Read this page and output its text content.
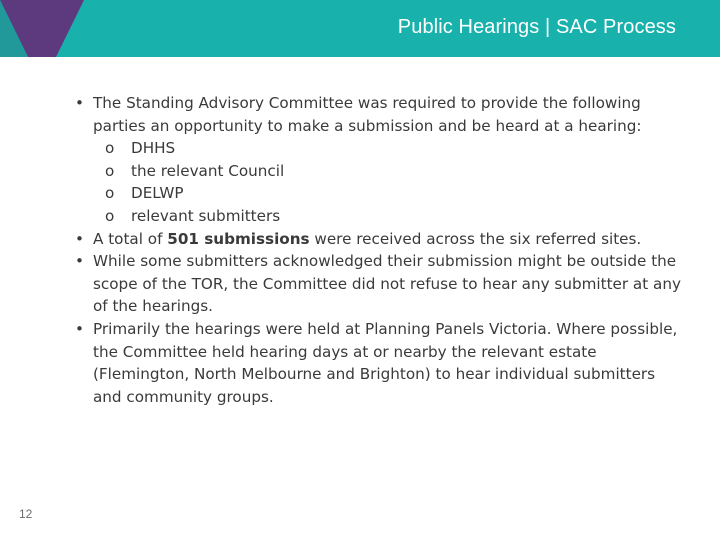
Public Hearings | SAC Process
• The Standing Advisory Committee was required to provide the following parties an opportunity to make a submission and be heard at a hearing:
o	DHHS
o	the relevant Council
o	DELWP
o	relevant submitters
• A total of 501 submissions were received across the six referred sites.
• While some submitters acknowledged their submission might be outside the scope of the TOR, the Committee did not refuse to hear any submitter at any of the hearings.
• Primarily the hearings were held at Planning Panels Victoria. Where possible, the Committee held hearing days at or nearby the relevant estate (Flemington, North Melbourne and Brighton) to hear individual submitters and community groups.
12
